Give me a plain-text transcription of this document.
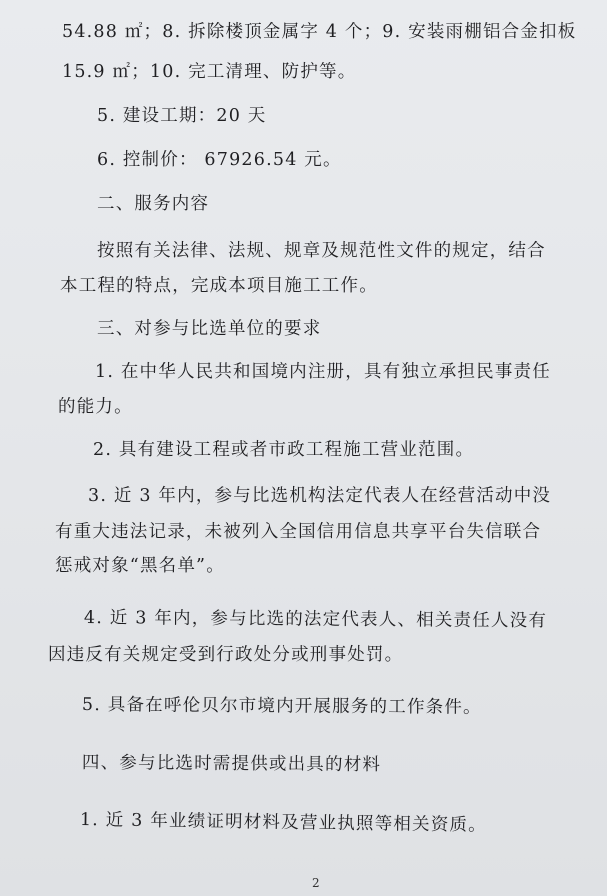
54.88 ㎡；8. 拆除楼顶金属字 4 个；9. 安装雨棚铝合金扣板
15.9 ㎡；10. 完工清理、防护等。
5. 建设工期：20 天
6. 控制价： 67926.54 元。
二、服务内容
按照有关法律、法规、规章及规范性文件的规定，结合
本工程的特点，完成本项目施工工作。
三、对参与比选单位的要求
1. 在中华人民共和国境内注册，具有独立承担民事责任
的能力。
2. 具有建设工程或者市政工程施工营业范围。
3. 近 3 年内，参与比选机构法定代表人在经营活动中没
有重大违法记录，未被列入全国信用信息共享平台失信联合
惩戒对象“黑名单”。
4. 近 3 年内，参与比选的法定代表人、相关责任人没有
因违反有关规定受到行政处分或刑事处罚。
5. 具备在呼伦贝尔市境内开展服务的工作条件。
四、参与比选时需提供或出具的材料
1. 近 3 年业绩证明材料及营业执照等相关资质。
2
